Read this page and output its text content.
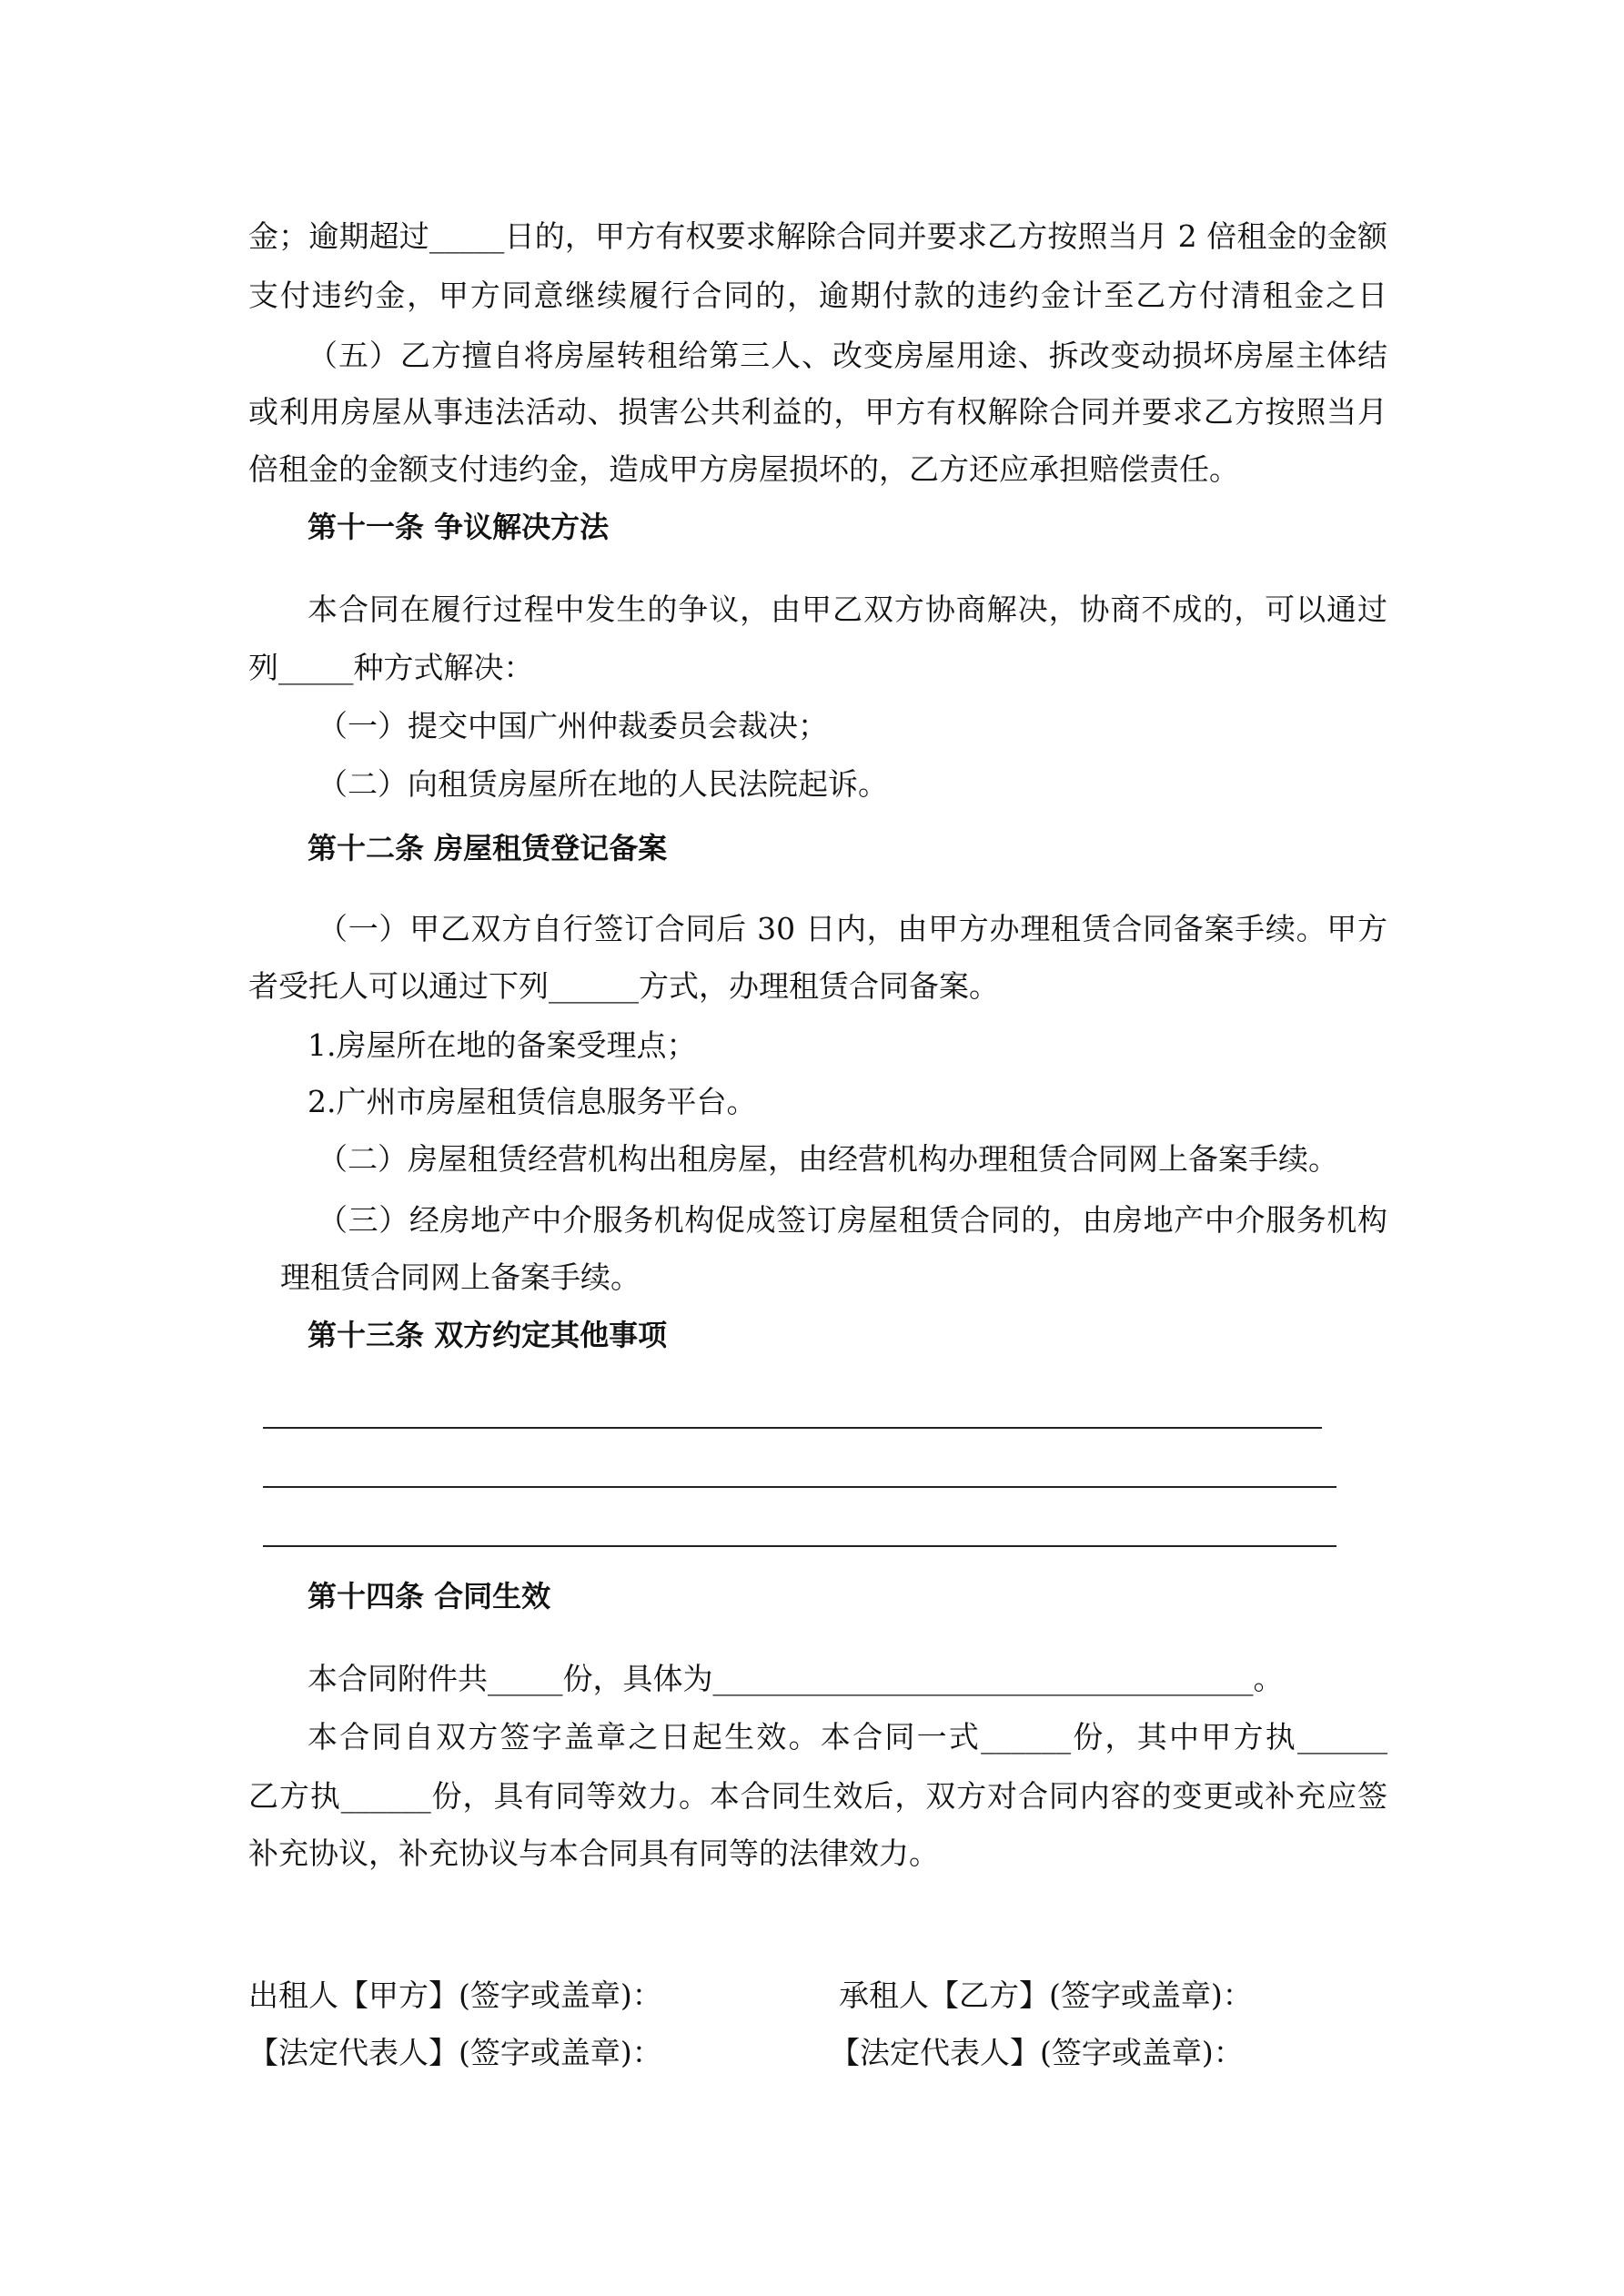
金；逾期超过_____日的，甲方有权要求解除合同并要求乙方按照当月 2 倍租金的金额
支付违约金，甲方同意继续履行合同的，逾期付款的违约金计至乙方付清租金之日
（五）乙方擅自将房屋转租给第三人、改变房屋用途、拆改变动损坏房屋主体结
或利用房屋从事违法活动、损害公共利益的，甲方有权解除合同并要求乙方按照当月
倍租金的金额支付违约金，造成甲方房屋损坏的，乙方还应承担赔偿责任。
第十一条 争议解决方法
本合同在履行过程中发生的争议，由甲乙双方协商解决，协商不成的，可以通过
列_____种方式解决：
（一）提交中国广州仲裁委员会裁决；
（二）向租赁房屋所在地的人民法院起诉。
第十二条 房屋租赁登记备案
（一）甲乙双方自行签订合同后 30 日内，由甲方办理租赁合同备案手续。甲方
者受托人可以通过下列______方式，办理租赁合同备案。
1.房屋所在地的备案受理点；
2.广州市房屋租赁信息服务平台。
（二）房屋租赁经营机构出租房屋，由经营机构办理租赁合同网上备案手续。
（三）经房地产中介服务机构促成签订房屋租赁合同的，由房地产中介服务机构
理租赁合同网上备案手续。
第十三条 双方约定其他事项
第十四条 合同生效
本合同附件共_____份，具体为____________________________________。
本合同自双方签字盖章之日起生效。本合同一式______份，其中甲方执______
乙方执______份，具有同等效力。本合同生效后，双方对合同内容的变更或补充应签
补充协议，补充协议与本合同具有同等的法律效力。
出租人【甲方】(签字或盖章)：	承租人【乙方】(签字或盖章)：
【法定代表人】(签字或盖章)：	【法定代表人】(签字或盖章)：
